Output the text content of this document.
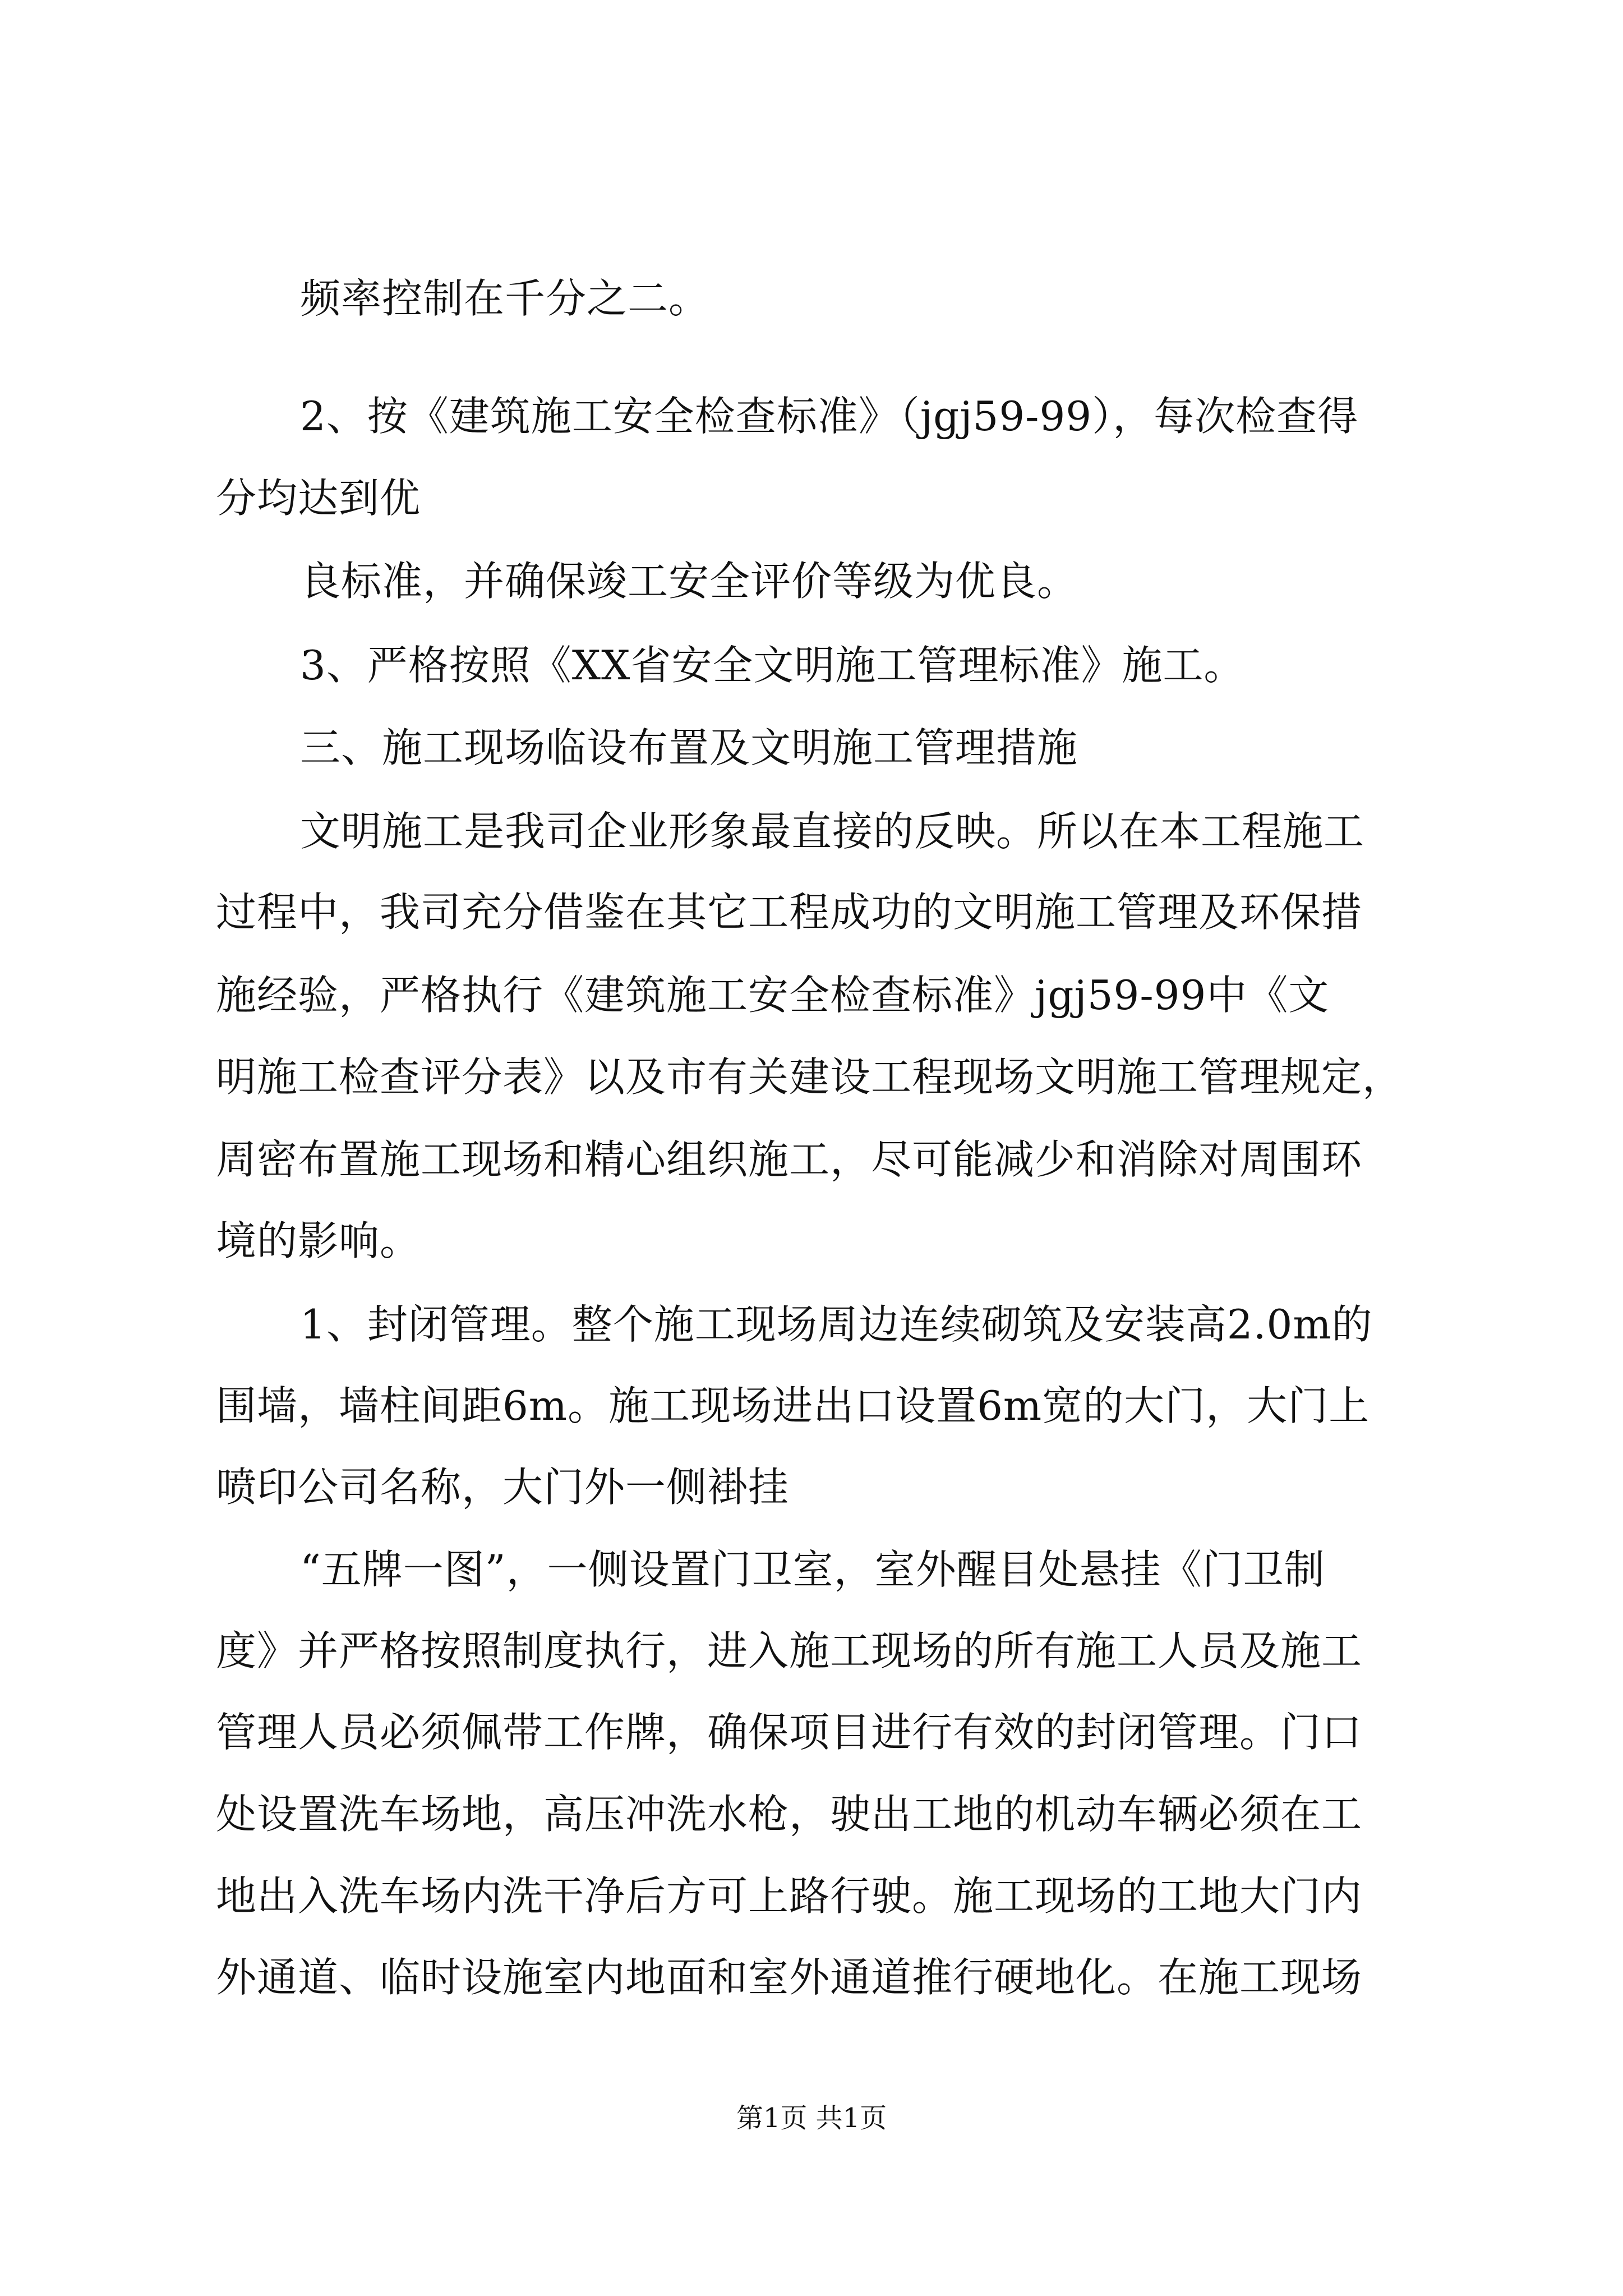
频率控制在千分之二。
2、按《建筑施工安全检查标准》（jgj59-99），每次检查得
分均达到优
良标准，并确保竣工安全评价等级为优良。
3、严格按照《XX省安全文明施工管理标准》施工。
三、施工现场临设布置及文明施工管理措施
文明施工是我司企业形象最直接的反映。所以在本工程施工
过程中，我司充分借鉴在其它工程成功的文明施工管理及环保措
施经验，严格执行《建筑施工安全检查标准》jgj59-99中《文
明施工检查评分表》以及市有关建设工程现场文明施工管理规定，
周密布置施工现场和精心组织施工，尽可能减少和消除对周围环
境的影响。
1、封闭管理。整个施工现场周边连续砌筑及安装高2.0m的
围墙，墙柱间距6m。施工现场进出口设置6m宽的大门，大门上
喷印公司名称，大门外一侧褂挂
“五牌一图”，一侧设置门卫室，室外醒目处悬挂《门卫制
度》并严格按照制度执行，进入施工现场的所有施工人员及施工
管理人员必须佩带工作牌，确保项目进行有效的封闭管理。门口
处设置洗车场地，高压冲洗水枪，驶出工地的机动车辆必须在工
地出入洗车场内洗干净后方可上路行驶。施工现场的工地大门内
外通道、临时设施室内地面和室外通道推行硬地化。在施工现场
第1页 共1页
